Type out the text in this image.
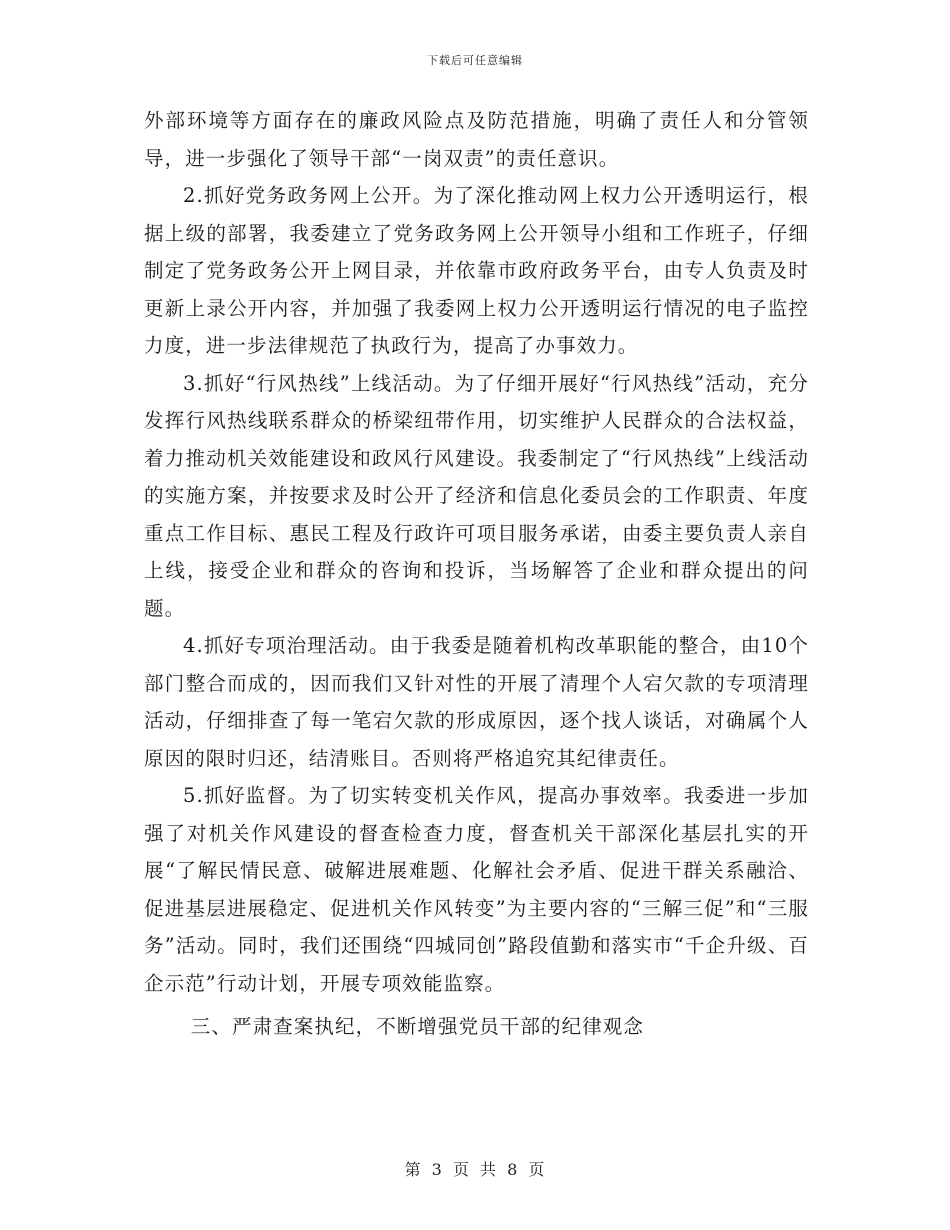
下载后可任意编辑

外部环境等方面存在的廉政风险点及防范措施，明确了责任人和分管领导，进一步强化了领导干部“一岗双责”的责任意识。

2.抓好党务政务网上公开。为了深化推动网上权力公开透明运行，根据上级的部署，我委建立了党务政务网上公开领导小组和工作班子，仔细制定了党务政务公开上网目录，并依靠市政府政务平台，由专人负责及时更新上录公开内容，并加强了我委网上权力公开透明运行情况的电子监控力度，进一步法律规范了执政行为，提高了办事效力。

3.抓好“行风热线”上线活动。为了仔细开展好“行风热线”活动，充分发挥行风热线联系群众的桥梁纽带作用，切实维护人民群众的合法权益，着力推动机关效能建设和政风行风建设。我委制定了“行风热线”上线活动的实施方案，并按要求及时公开了经济和信息化委员会的工作职责、年度重点工作目标、惠民工程及行政许可项目服务承诺，由委主要负责人亲自上线，接受企业和群众的咨询和投诉，当场解答了企业和群众提出的问题。

4.抓好专项治理活动。由于我委是随着机构改革职能的整合，由10个部门整合而成的，因而我们又针对性的开展了清理个人宕欠款的专项清理活动，仔细排查了每一笔宕欠款的形成原因，逐个找人谈话，对确属个人原因的限时归还，结清账目。否则将严格追究其纪律责任。

5.抓好监督。为了切实转变机关作风，提高办事效率。我委进一步加强了对机关作风建设的督查检查力度，督查机关干部深化基层扎实的开展“了解民情民意、破解进展难题、化解社会矛盾、促进干群关系融洽、促进基层进展稳定、促进机关作风转变”为主要内容的“三解三促”和“三服务”活动。同时，我们还围绕“四城同创”路段值勤和落实市“千企升级、百企示范”行动计划，开展专项效能监察。

三、严肃查案执纪，不断增强党员干部的纪律观念

第 3 页 共 8 页
